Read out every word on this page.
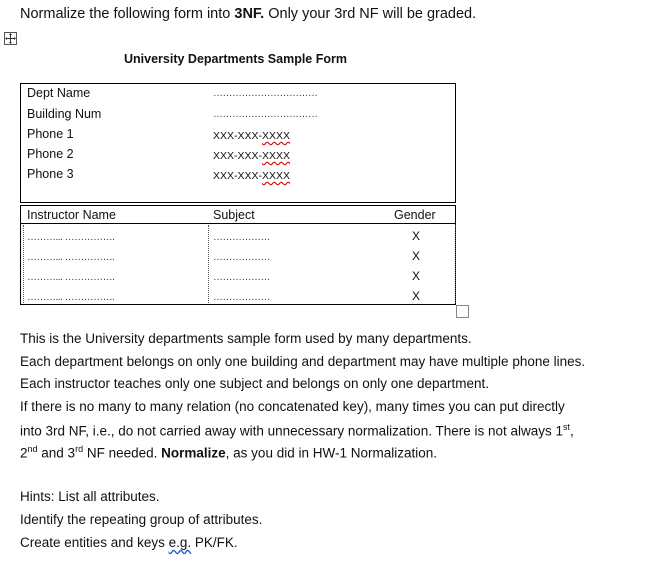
Normalize the following form into 3NF. Only your 3rd NF will be graded.
University Departments Sample Form
Dept Name	……………………………
Building Num	……………………………
Phone 1	XXX-XXX-XXXX
Phone 2	XXX-XXX-XXXX
Phone 3	XXX-XXX-XXXX
Instructor Name	Subject	Gender
………... …………….	………………	X
………... …………….	………………	X
………... …………….	………………	X
………... …………….	………………	X
This is the University departments sample form used by many departments.
Each department belongs on only one building and department may have multiple phone lines.
Each instructor teaches only one subject and belongs on only one department.
If there is no many to many relation (no concatenated key), many times you can put directly
into 3rd NF, i.e., do not carried away with unnecessary normalization. There is not always 1st,
2nd and 3rd NF needed. Normalize, as you did in HW-1 Normalization.
Hints: List all attributes.
Identify the repeating group of attributes.
Create entities and keys e.g. PK/FK.
